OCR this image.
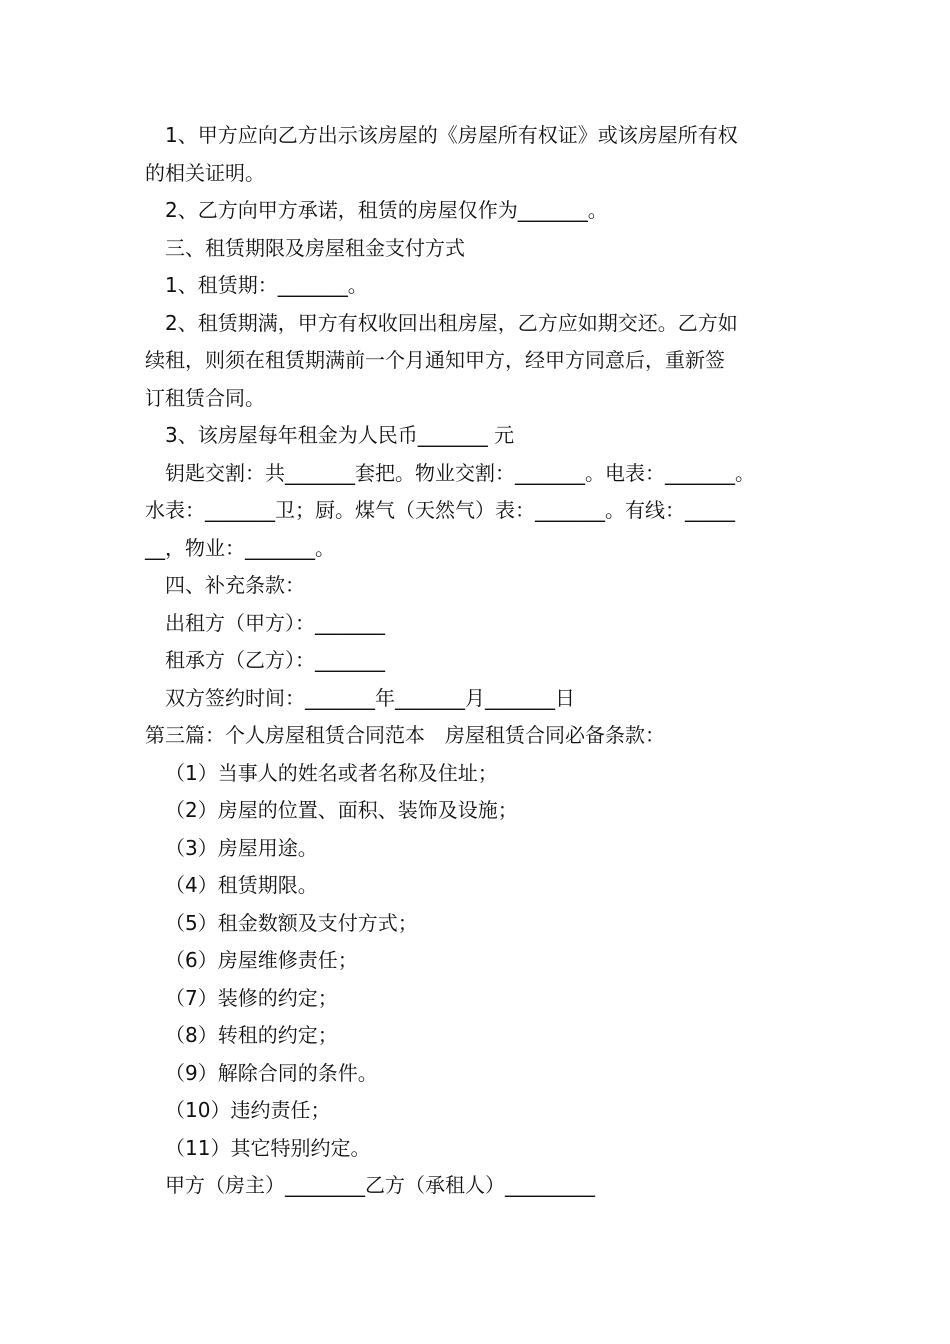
1、甲方应向乙方出示该房屋的《房屋所有权证》或该房屋所有权

的相关证明。

2、乙方向甲方承诺，租赁的房屋仅作为_______。

三、租赁期限及房屋租金支付方式

1、租赁期：_______。

2、租赁期满，甲方有权收回出租房屋，乙方应如期交还。乙方如

续租，则须在租赁期满前一个月通知甲方，经甲方同意后，重新签

订租赁合同。

3、该房屋每年租金为人民币_______ 元

钥匙交割：共_______套把。物业交割：_______。电表：_______。

水表：_______卫；厨。煤气（天然气）表：_______。有线：_____

__，物业：_______。

四、补充条款：

出租方（甲方）：_______

租承方（乙方）：_______

双方签约时间：_______年_______月_______日

第三篇：个人房屋租赁合同范本　房屋租赁合同必备条款：

（1）当事人的姓名或者名称及住址；

（2）房屋的位置、面积、装饰及设施；

（3）房屋用途。

（4）租赁期限。

（5）租金数额及支付方式；

（6）房屋维修责任；

（7）装修的约定；

（8）转租的约定；

（9）解除合同的条件。

（10）违约责任；

（11）其它特别约定。

甲方（房主）________乙方（承租人）_________
